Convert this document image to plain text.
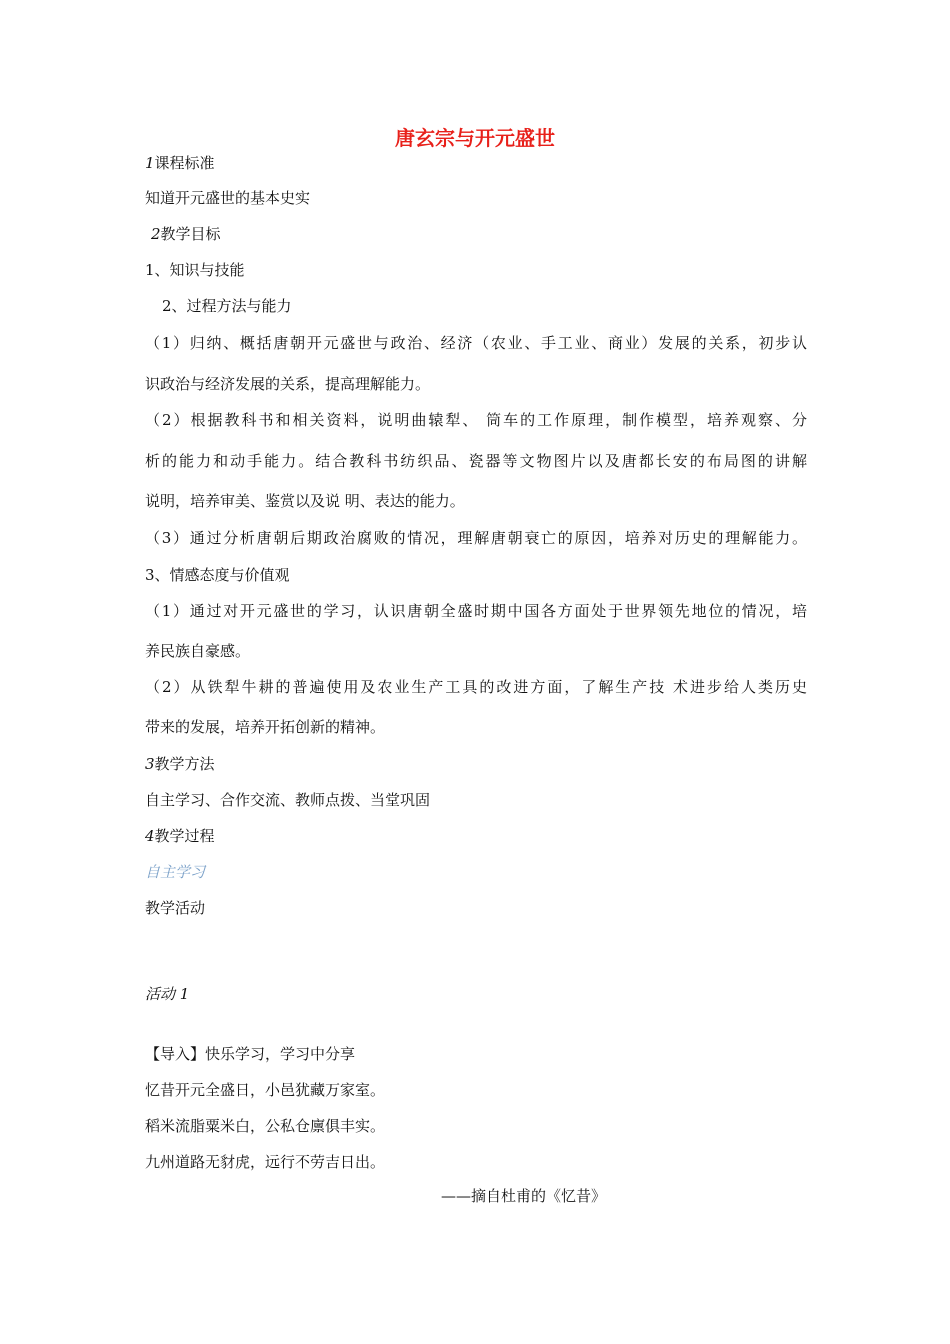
唐玄宗与开元盛世
1课程标准
知道开元盛世的基本史实
2教学目标
1、知识与技能
2、过程方法与能力
（1）归纳、概括唐朝开元盛世与政治、经济（农业、手工业、商业）发展的关系，初步认
识政治与经济发展的关系，提高理解能力。
（2）根据教科书和相关资料，说明曲辕犁、 筒车的工作原理，制作模型，培养观察、分
析的能力和动手能力。结合教科书纺织品、瓷器等文物图片以及唐都长安的布局图的讲解
说明，培养审美、鉴赏以及说 明、表达的能力。
（3）通过分析唐朝后期政治腐败的情况，理解唐朝衰亡的原因，培养对历史的理解能力。
3、情感态度与价值观
（1）通过对开元盛世的学习，认识唐朝全盛时期中国各方面处于世界领先地位的情况，培
养民族自豪感。
（2）从铁犁牛耕的普遍使用及农业生产工具的改进方面，了解生产技 术进步给人类历史
带来的发展，培养开拓创新的精神。
3教学方法
自主学习、合作交流、教师点拨、当堂巩固
4教学过程
自主学习
教学活动
活动 1
【导入】快乐学习，学习中分享
忆昔开元全盛日，小邑犹藏万家室。
稻米流脂粟米白，公私仓廪俱丰实。
九州道路无豺虎，远行不劳吉日出。
——摘自杜甫的《忆昔》
